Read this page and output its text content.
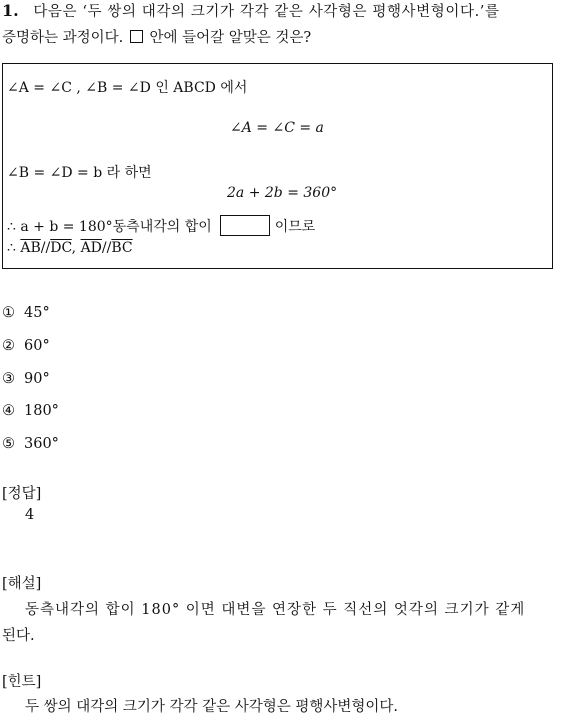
1. 다음은 ‘두 쌍의 대각의 크기가 각각 같은 사각형은 평행사변형이다.’를
증명하는 과정이다. 안에 들어갈 알맞은 것은?
∠A = ∠C , ∠B = ∠D 인 ABCD 에서
∠A = ∠C = a
∠B = ∠D = b 라 하면
2a + 2b = 360°
∴ a + b = 180°동측내각의 합이	이므로
∴ $\overline{AB}//\overline{DC}$, $\overline{AD}//\overline{BC}$
① 45°
② 60°
③ 90°
④ 180°
⑤ 360°
[정답]
4
[해설]
동측내각의 합이 180° 이면 대변을 연장한 두 직선의 엇각의 크기가 같게
된다.
[힌트]
두 쌍의 대각의 크기가 각각 같은 사각형은 평행사변형이다.
